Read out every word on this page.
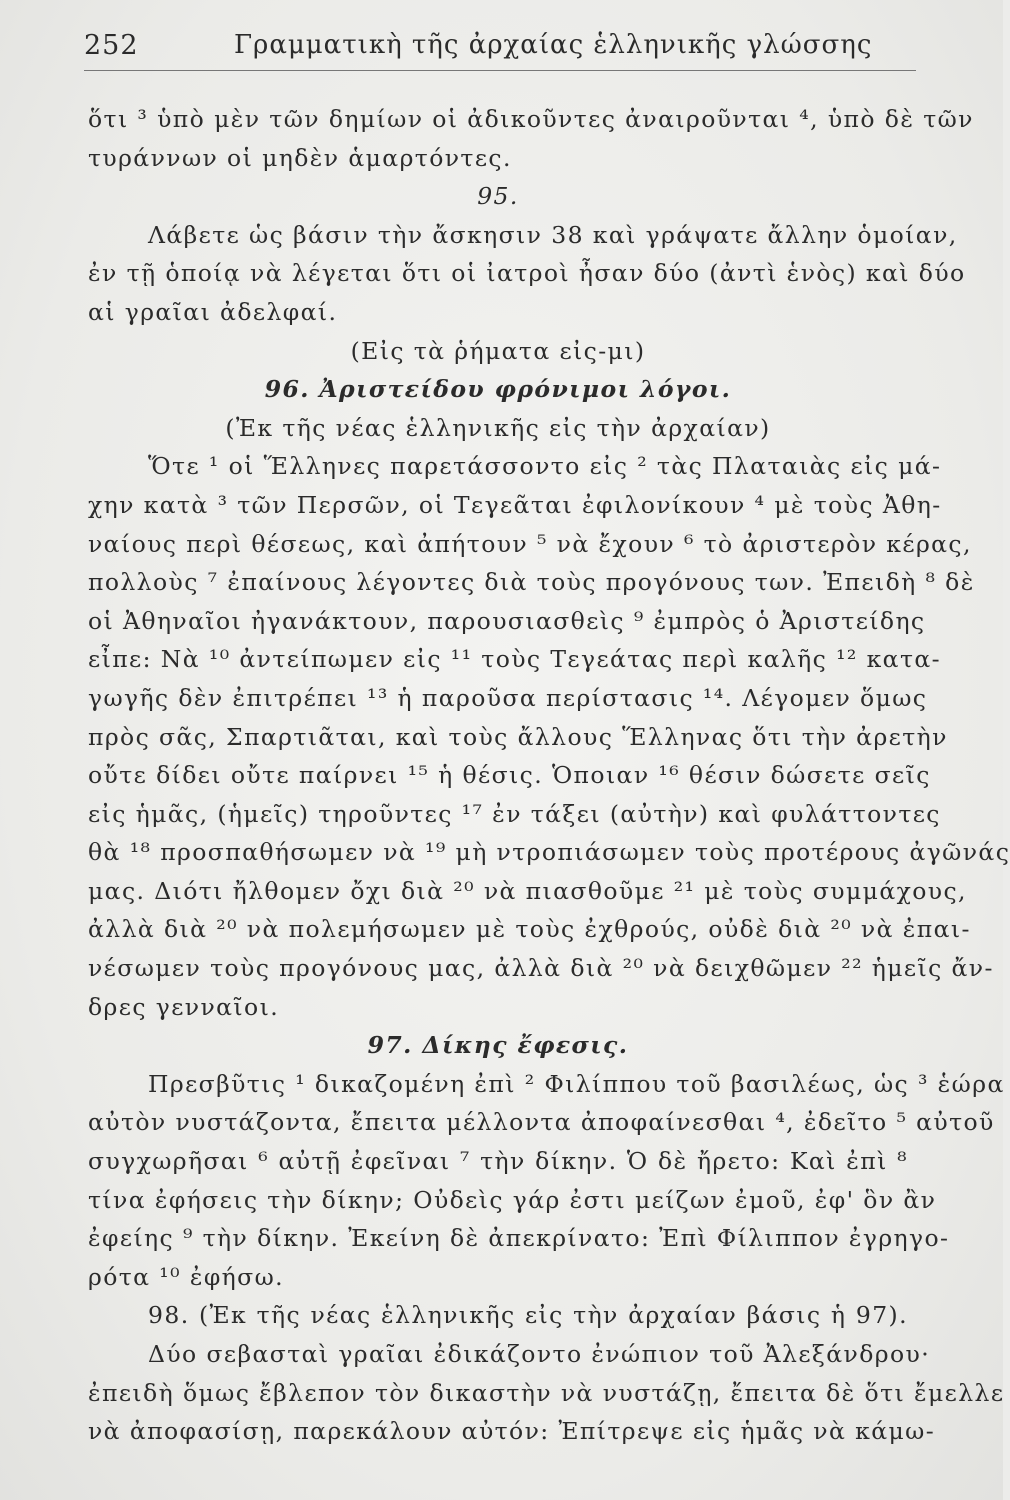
252	Γραμματικὴ τῆς ἀρχαίας ἑλληνικῆς γλώσσης
ὅτι ³ ὑπὸ μὲν τῶν δημίων οἱ ἀδικοῦντες ἀναιροῦνται ⁴, ὑπὸ δὲ τῶν
τυράννων οἱ μηδὲν ἁμαρτόντες.
95.
Λάβετε ὡς βάσιν τὴν ἄσκησιν 38 καὶ γράψατε ἄλλην ὁμοίαν,
ἐν τῇ ὁποίᾳ νὰ λέγεται ὅτι οἱ ἰατροὶ ἦσαν δύο (ἀντὶ ἑνὸς) καὶ δύο
αἱ γραῖαι ἀδελφαί.
(Εἰς τὰ ῥήματα εἰς-μι)
96. Ἀριστείδου φρόνιμοι λόγοι.
(Ἐκ τῆς νέας ἑλληνικῆς εἰς τὴν ἀρχαίαν)
Ὅτε ¹ οἱ Ἕλληνες παρετάσσοντο εἰς ² τὰς Πλαταιὰς εἰς μά-
χην κατὰ ³ τῶν Περσῶν, οἱ Τεγεᾶται ἐφιλονίκουν ⁴ μὲ τοὺς Ἀθη-
ναίους περὶ θέσεως, καὶ ἀπήτουν ⁵ νὰ ἔχουν ⁶ τὸ ἀριστερὸν κέρας,
πολλοὺς ⁷ ἐπαίνους λέγοντες διὰ τοὺς προγόνους των. Ἐπειδὴ ⁸ δὲ
οἱ Ἀθηναῖοι ἠγανάκτουν, παρουσιασθεὶς ⁹ ἐμπρὸς ὁ Ἀριστείδης
εἶπε: Νὰ ¹⁰ ἀντείπωμεν εἰς ¹¹ τοὺς Τεγεάτας περὶ καλῆς ¹² κατα-
γωγῆς δὲν ἐπιτρέπει ¹³ ἡ παροῦσα περίστασις ¹⁴. Λέγομεν ὅμως
πρὸς σᾶς, Σπαρτιᾶται, καὶ τοὺς ἄλλους Ἕλληνας ὅτι τὴν ἀρετὴν
οὔτε δίδει οὔτε παίρνει ¹⁵ ἡ θέσις. Ὁποιαν ¹⁶ θέσιν δώσετε σεῖς
εἰς ἡμᾶς, (ἡμεῖς) τηροῦντες ¹⁷ ἐν τάξει (αὐτὴν) καὶ φυλάττοντες
θὰ ¹⁸ προσπαθήσωμεν νὰ ¹⁹ μὴ ντροπιάσωμεν τοὺς προτέρους ἀγῶνάς
μας. Διότι ἤλθομεν ὄχι διὰ ²⁰ νὰ πιασθοῦμε ²¹ μὲ τοὺς συμμάχους,
ἀλλὰ διὰ ²⁰ νὰ πολεμήσωμεν μὲ τοὺς ἐχθρούς, οὐδὲ διὰ ²⁰ νὰ ἐπαι-
νέσωμεν τοὺς προγόνους μας, ἀλλὰ διὰ ²⁰ νὰ δειχθῶμεν ²² ἡμεῖς ἄν-
δρες γενναῖοι.
97. Δίκης ἔφεσις.
Πρεσβῦτις ¹ δικαζομένη ἐπὶ ² Φιλίππου τοῦ βασιλέως, ὡς ³ ἑώρα
αὐτὸν νυστάζοντα, ἔπειτα μέλλοντα ἀποφαίνεσθαι ⁴, ἐδεῖτο ⁵ αὐτοῦ
συγχωρῆσαι ⁶ αὐτῇ ἐφεῖναι ⁷ τὴν δίκην. Ὁ δὲ ἤρετο: Καὶ ἐπὶ ⁸
τίνα ἐφήσεις τὴν δίκην; Οὐδεὶς γάρ ἐστι μείζων ἐμοῦ, ἐφ' ὃν ἂν
ἐφείης ⁹ τὴν δίκην. Ἐκείνη δὲ ἀπεκρίνατο: Ἐπὶ Φίλιππον ἐγρηγο-
ρότα ¹⁰ ἐφήσω.
98. (Ἐκ τῆς νέας ἑλληνικῆς εἰς τὴν ἀρχαίαν βάσις ἡ 97).
Δύο σεβασταὶ γραῖαι ἐδικάζοντο ἐνώπιον τοῦ Ἀλεξάνδρου·
ἐπειδὴ ὅμως ἔβλεπον τὸν δικαστὴν νὰ νυστάζῃ, ἔπειτα δὲ ὅτι ἔμελλε
νὰ ἀποφασίσῃ, παρεκάλουν αὐτόν: Ἐπίτρεψε εἰς ἡμᾶς νὰ κάμω-
